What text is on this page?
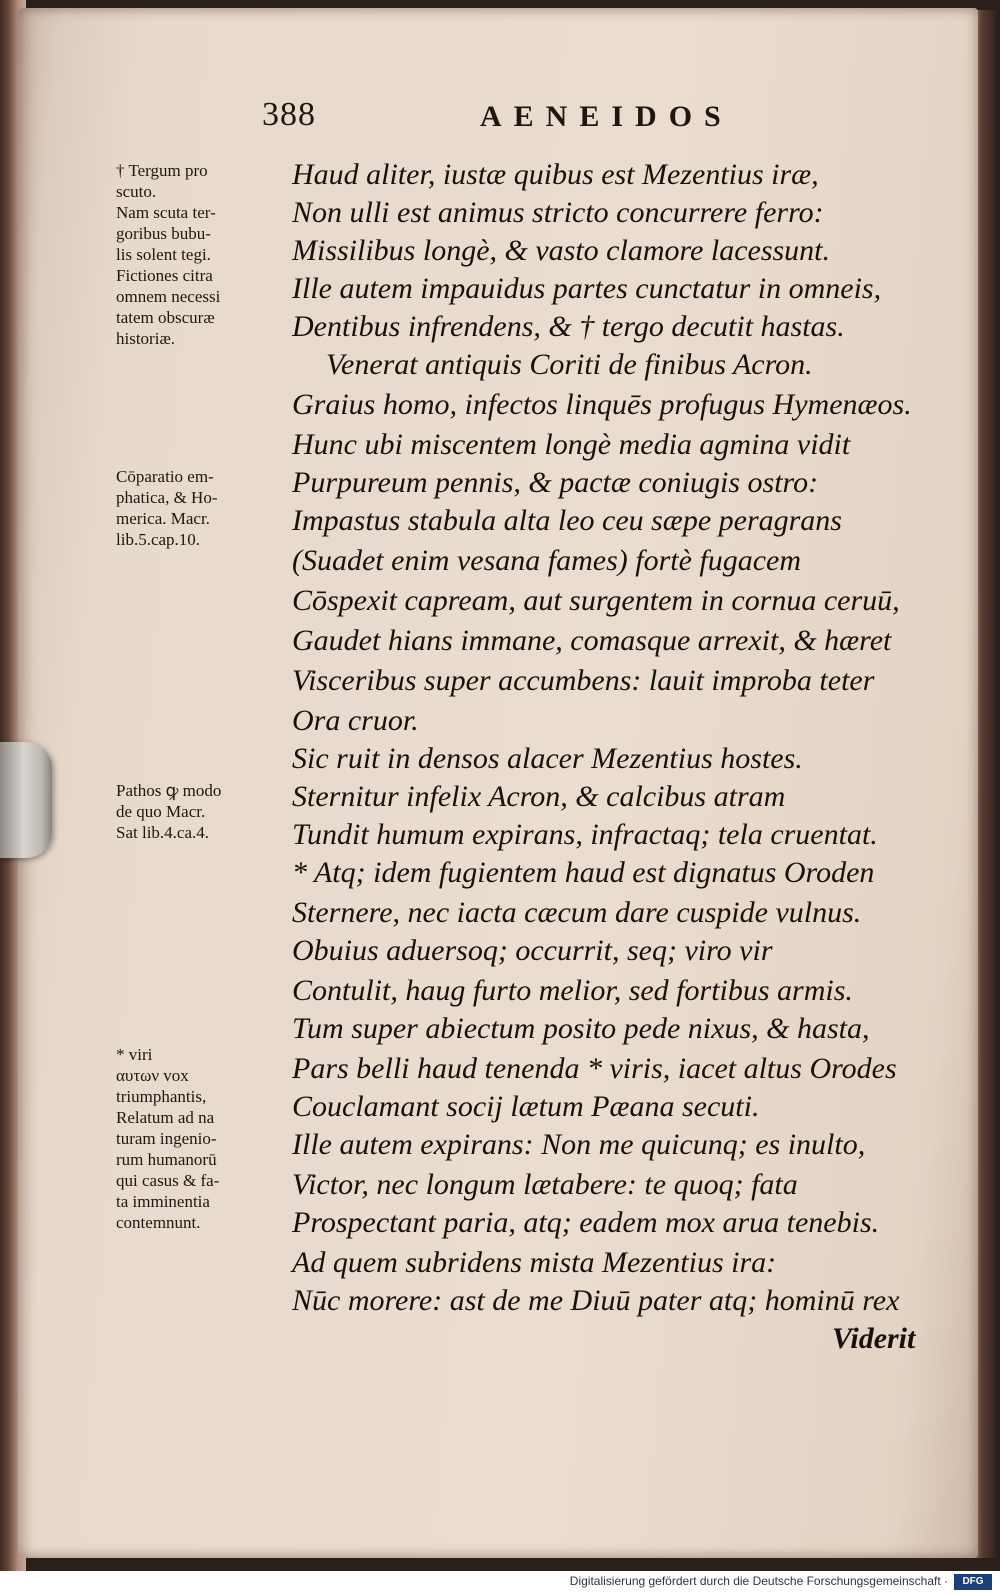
388	AENEIDOS
† Tergum pro
scuto.
Nam scuta ter-
goribus bubu-
lis solent tegi.
Fictiones citra
omnem necessi
tatem obscuræ
historiæ.
Cōparatio em-
phatica, & Ho-
merica. Macr.
lib.5.cap.10.
Pathos ꝙ modo
de quo Macr.
Sat lib.4.ca.4.
* viri
αυτων vox
triumphantis,
Relatum ad na
turam ingenio-
rum humanorū
qui casus & fa-
ta imminentia
contemnunt.
Haud aliter, iustæ quibus est Mezentius iræ,
Non ulli est animus stricto concurrere ferro:
Missilibus longè, & vasto clamore lacessunt.
Ille autem impauidus partes cunctatur in omneis,
Dentibus infrendens, & † tergo decutit hastas.
Venerat antiquis Coriti de finibus Acron.
Graius homo, infectos linquēs profugus Hymenæos.
Hunc ubi miscentem longè media agmina vidit
Purpureum pennis, & pactæ coniugis ostro:
Impastus stabula alta leo ceu sæpe peragrans
(Suadet enim vesana fames) fortè fugacem
Cōspexit capream, aut surgentem in cornua ceruū,
Gaudet hians immane, comasque arrexit, & hæret
Visceribus super accumbens: lauit improba teter
Ora cruor.
Sic ruit in densos alacer Mezentius hostes.
Sternitur infelix Acron, & calcibus atram
Tundit humum expirans, infractaq; tela cruentat.
* Atq; idem fugientem haud est dignatus Oroden
Sternere, nec iacta cæcum dare cuspide vulnus.
Obuius aduersoq; occurrit, seq; viro vir
Contulit, haug furto melior, sed fortibus armis.
Tum super abiectum posito pede nixus, & hasta,
Pars belli haud tenenda * viris, iacet altus Orodes
Couclamant socij lætum Pæana secuti.
Ille autem expirans: Non me quicunq; es inulto,
Victor, nec longum lætabere: te quoq; fata
Prospectant paria, atq; eadem mox arua tenebis.
Ad quem subridens mista Mezentius ira:
Nūc morere: ast de me Diuū pater atq; hominū rex
Viderit
Digitalisierung gefördert durch die Deutsche Forschungsgemeinschaft ·	DFG
